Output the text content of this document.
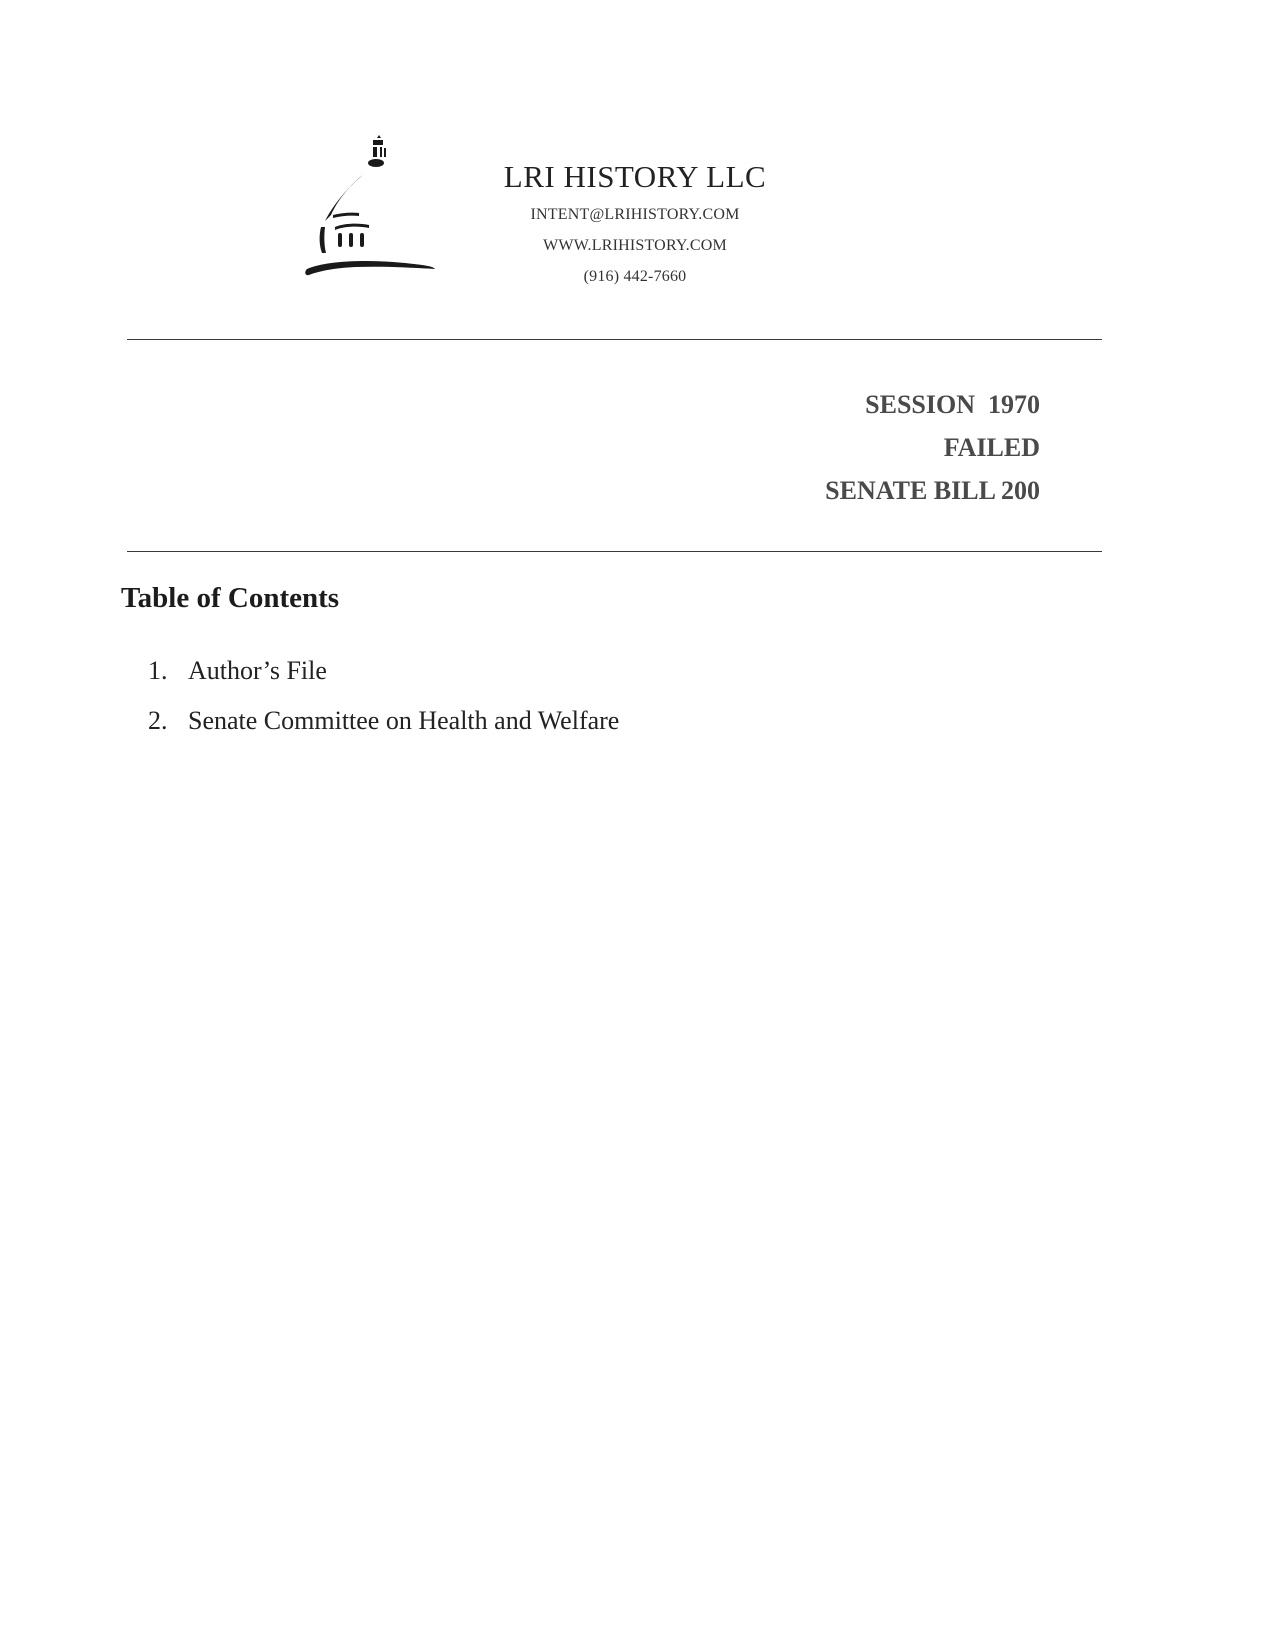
LRI HISTORY LLC
INTENT@LRIHISTORY.COM
WWW.LRIHISTORY.COM
(916) 442-7660
SESSION  1970
FAILED
SENATE BILL 200
Table of Contents
1. Author’s File
2. Senate Committee on Health and Welfare
